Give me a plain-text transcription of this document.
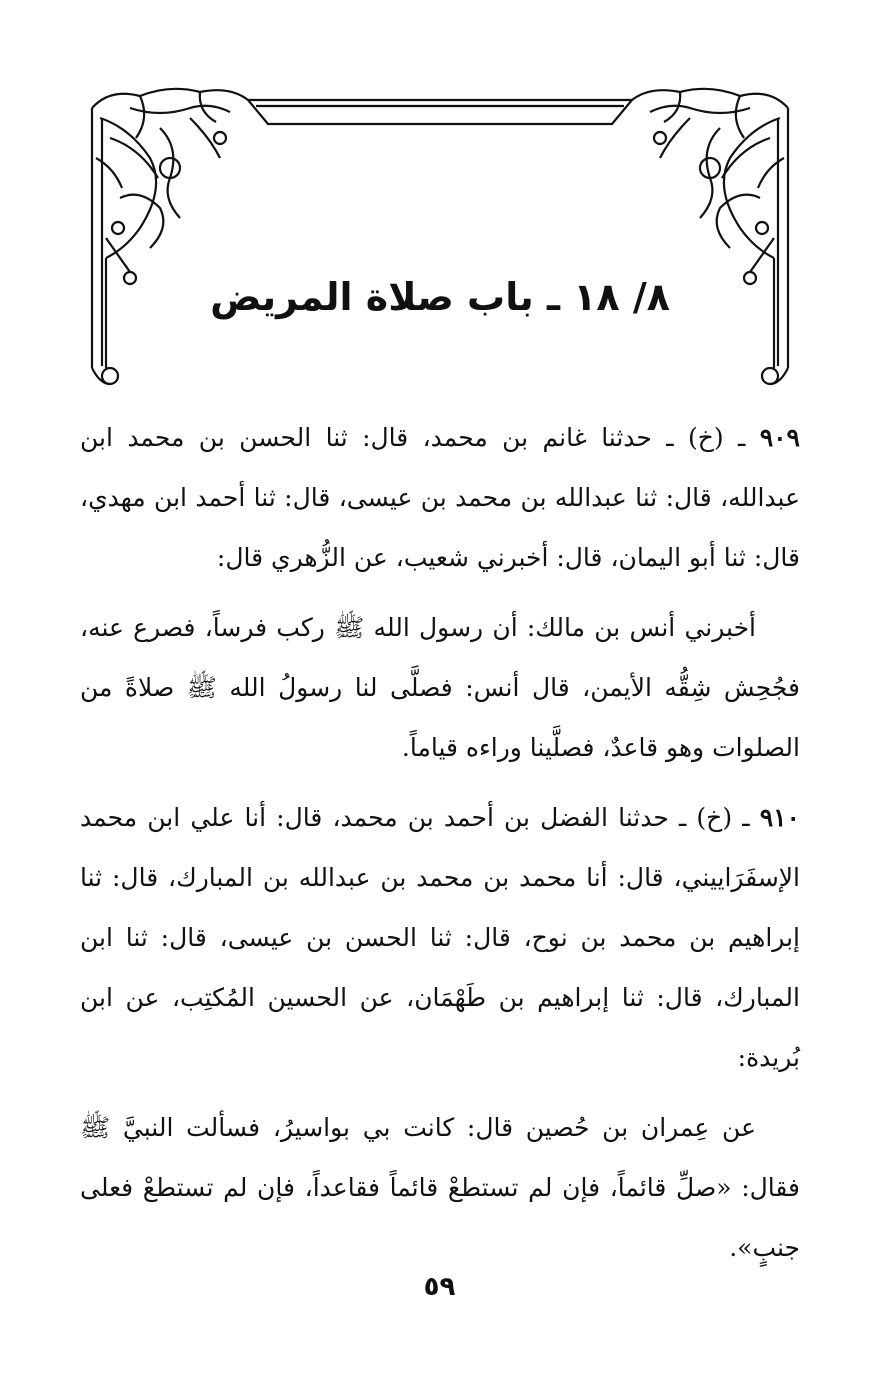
٨/ ١٨ ـ باب صلاة المريض

٩٠٩ ـ (خ) ـ حدثنا غانم بن محمد، قال: ثنا الحسن بن محمد ابن عبدالله، قال: ثنا عبدالله بن محمد بن عيسى، قال: ثنا أحمد ابن مهدي، قال: ثنا أبو اليمان، قال: أخبرني شعيب، عن الزُّهري قال:

أخبرني أنس بن مالك: أن رسول الله ﷺ ركب فرساً، فصرع عنه، فجُحِش شِقُّه الأيمن، قال أنس: فصلَّى لنا رسولُ الله ﷺ صلاةً من الصلوات وهو قاعدٌ، فصلَّينا وراءه قياماً.

٩١٠ ـ (خ) ـ حدثنا الفضل بن أحمد بن محمد، قال: أنا علي ابن محمد الإسفَرَاييني، قال: أنا محمد بن محمد بن عبدالله بن المبارك، قال: ثنا إبراهيم بن محمد بن نوح، قال: ثنا الحسن بن عيسى، قال: ثنا ابن المبارك، قال: ثنا إبراهيم بن طَهْمَان، عن الحسين المُكتِب، عن ابن بُريدة:

عن عِمران بن حُصين قال: كانت بي بواسيرُ، فسألت النبيَّ ﷺ فقال: «صلِّ قائماً، فإن لم تستطعْ قائماً فقاعداً، فإن لم تستطعْ فعلى جنبٍ».

٥٩
